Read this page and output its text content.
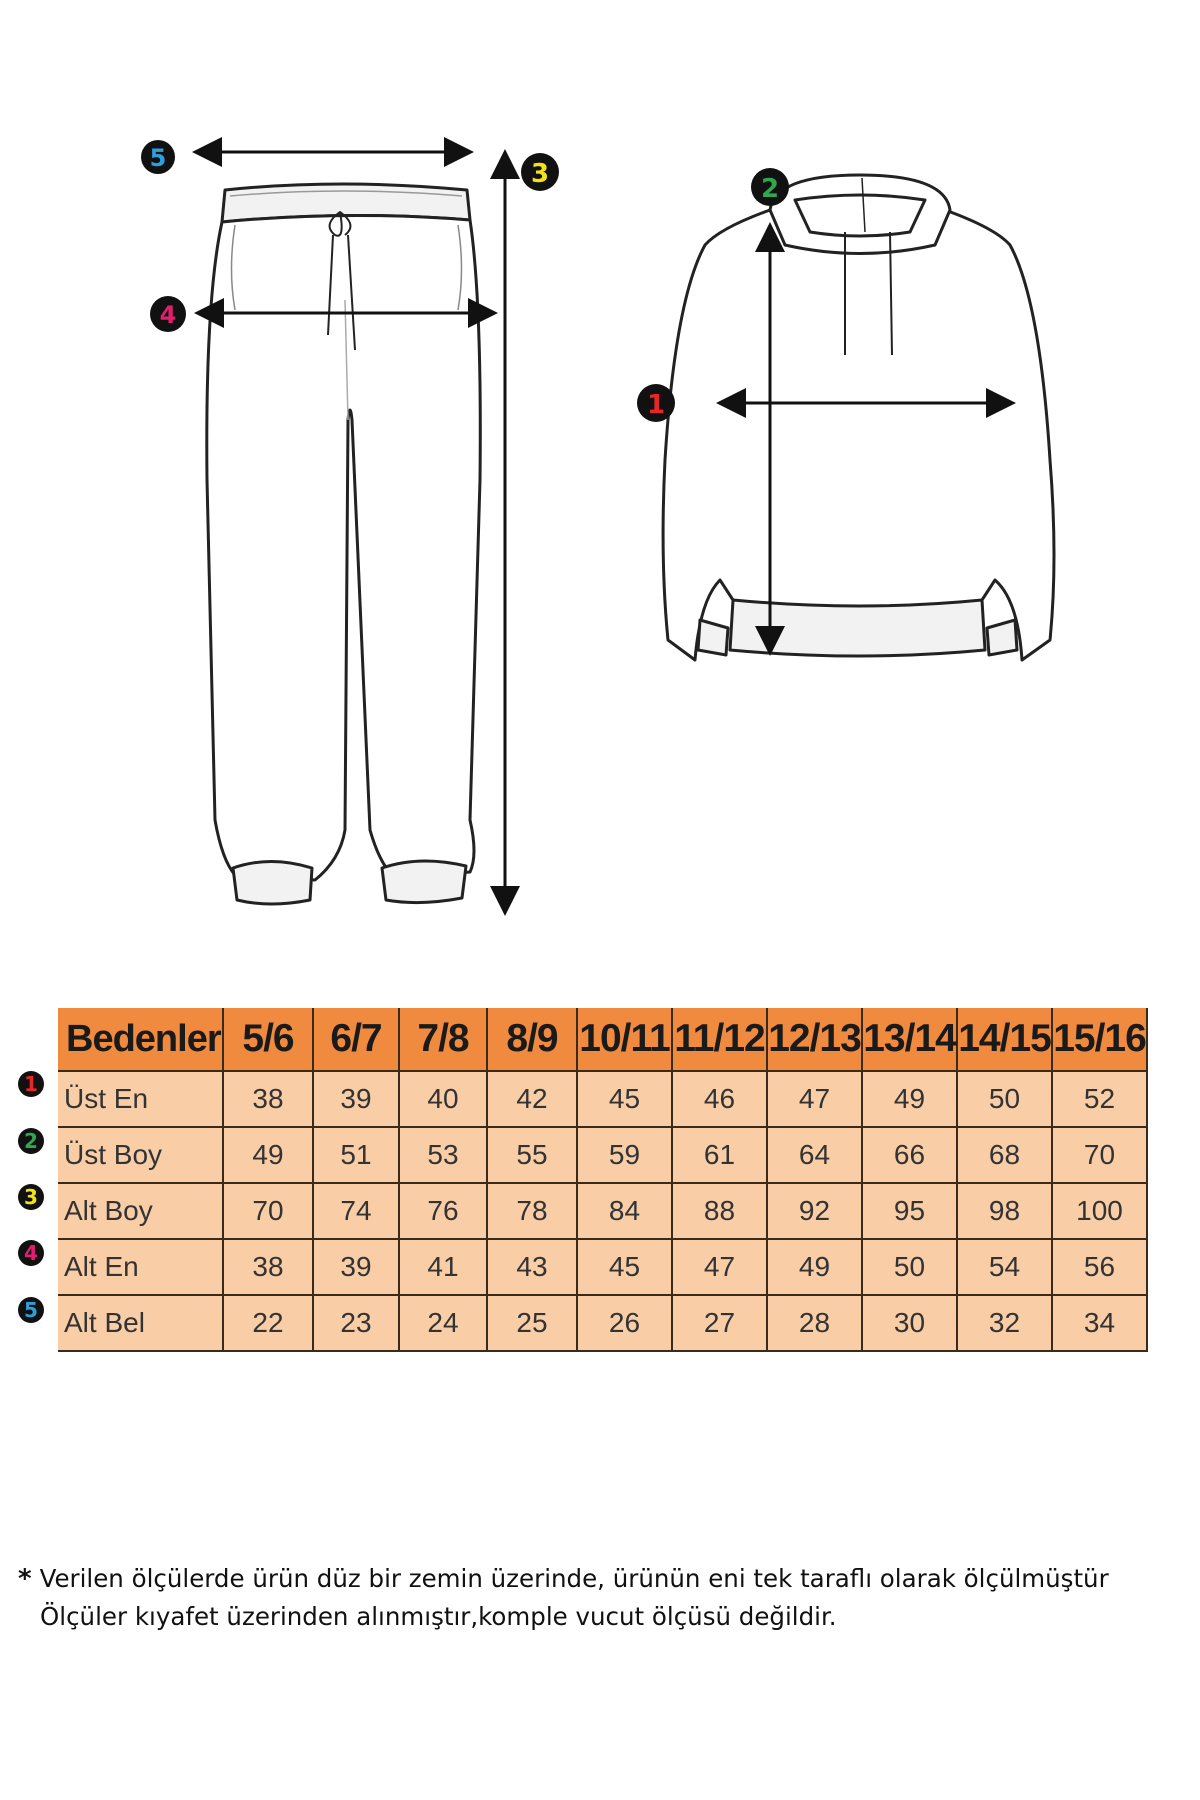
5
3
4
2
1
1
2
3
4
5
Bedenler	5/6	6/7	7/8	8/9	10/11	11/12	12/13	13/14	14/15	15/16
Üst En	38	39	40	42	45	46	47	49	50	52
Üst Boy	49	51	53	55	59	61	64	66	68	70
Alt Boy	70	74	76	78	84	88	92	95	98	100
Alt En	38	39	41	43	45	47	49	50	54	56
Alt Bel	22	23	24	25	26	27	28	30	32	34
* Verilen ölçülerde ürün düz bir zemin üzerinde, ürünün eni tek taraflı olarak ölçülmüştür
Ölçüler kıyafet üzerinden alınmıştır,komple vucut ölçüsü değildir.
